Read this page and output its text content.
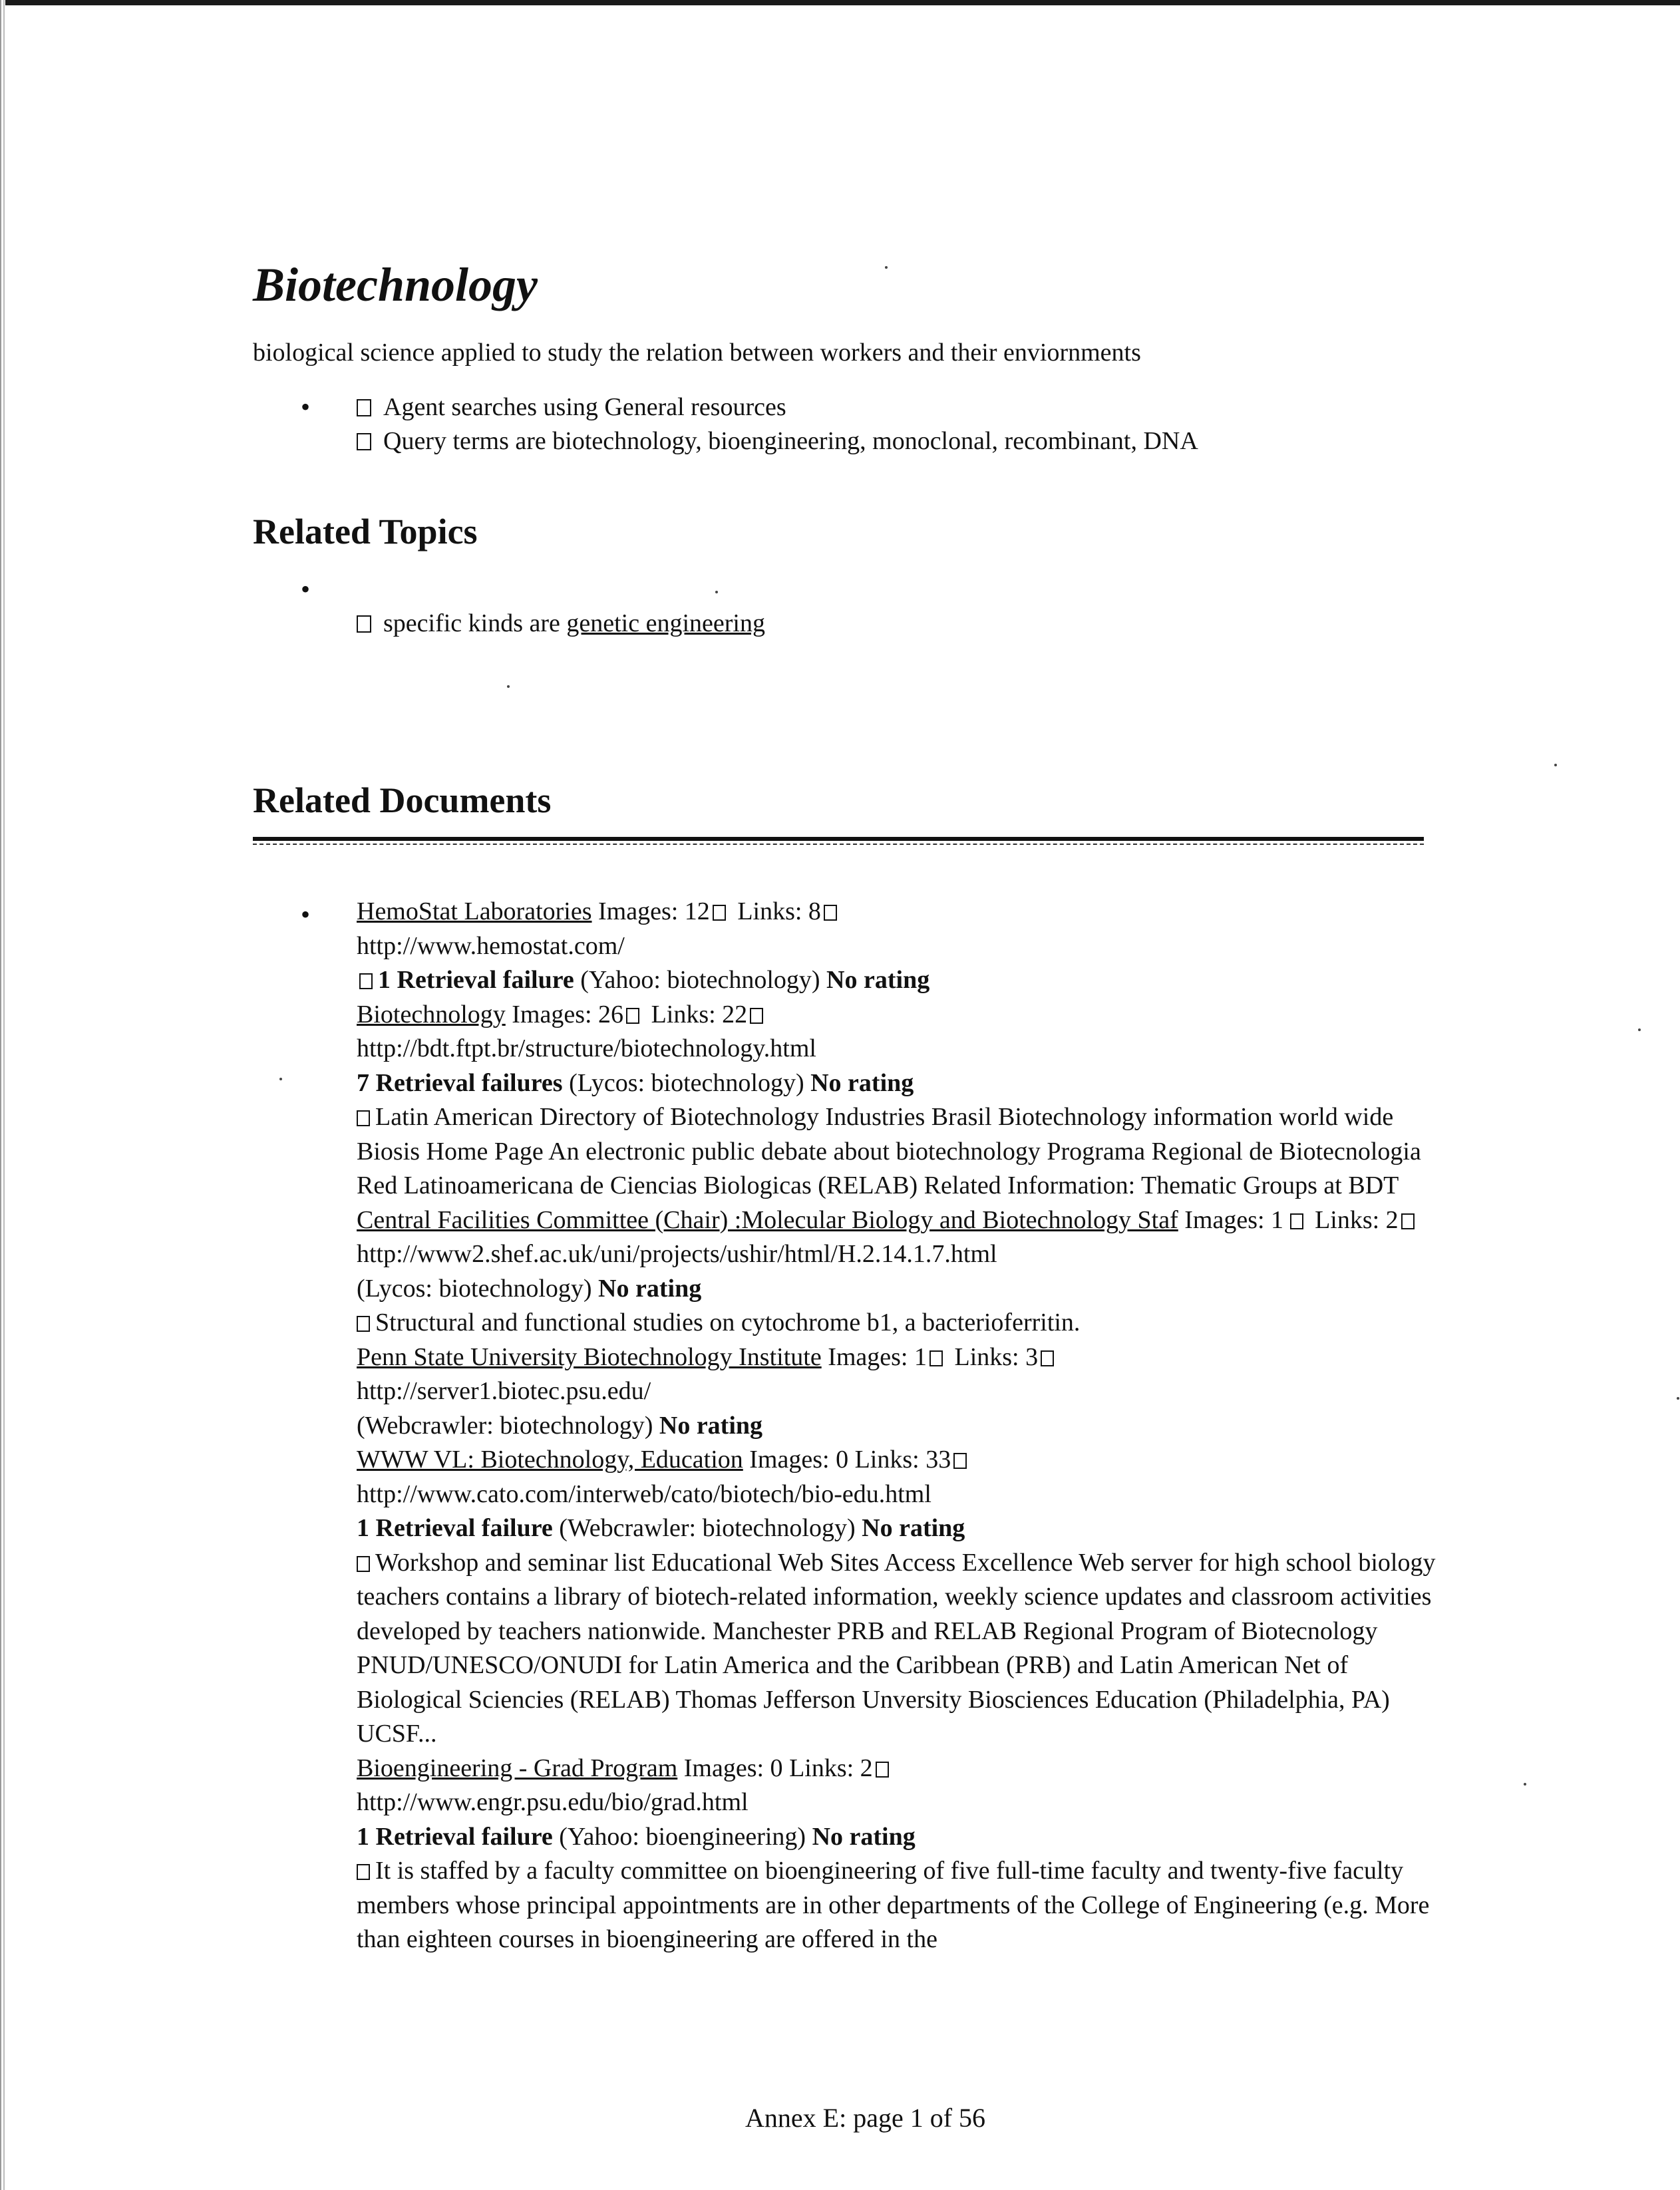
Biotechnology

biological science applied to study the relation between workers and their enviornments

•	Agent searches using General resources
Query terms are biotechnology, bioengineering, monoclonal, recombinant, DNA
Related Topics
•
specific kinds are genetic engineering
Related Documents
• HemoStat Laboratories Images: 12 Links: 8

http://www.hemostat.com/

1 Retrieval failure (Yahoo: biotechnology) No rating

Biotechnology Images: 26 Links: 22

http://bdt.ftpt.br/structure/biotechnology.html

7 Retrieval failures (Lycos: biotechnology) No rating

Latin American Directory of Biotechnology Industries Brasil Biotechnology information world wide Biosis Home Page An electronic public debate about biotechnology Programa Regional de Biotecnologia Red Latinoamericana de Ciencias Biologicas (RELAB) Related Information: Thematic Groups at BDT

Central Facilities Committee (Chair) :Molecular Biology and Biotechnology Staf Images: 1 Links: 2

http://www2.shef.ac.uk/uni/projects/ushir/html/H.2.14.1.7.html

(Lycos: biotechnology) No rating

Structural and functional studies on cytochrome b1, a bacterioferritin.

Penn State University Biotechnology Institute Images: 1 Links: 3

http://server1.biotec.psu.edu/

(Webcrawler: biotechnology) No rating

WWW VL: Biotechnology, Education Images: 0 Links: 33

http://www.cato.com/interweb/cato/biotech/bio-edu.html

1 Retrieval failure (Webcrawler: biotechnology) No rating

Workshop and seminar list Educational Web Sites Access Excellence Web server for high school biology teachers contains a library of biotech-related information, weekly science updates and classroom activities developed by teachers nationwide. Manchester PRB and RELAB Regional Program of Biotecnology PNUD/UNESCO/ONUDI for Latin America and the Caribbean (PRB) and Latin American Net of Biological Sciencies (RELAB) Thomas Jefferson Unversity Biosciences Education (Philadelphia, PA) UCSF...

Bioengineering - Grad Program Images: 0 Links: 2

http://www.engr.psu.edu/bio/grad.html

1 Retrieval failure (Yahoo: bioengineering) No rating

It is staffed by a faculty committee on bioengineering of five full-time faculty and twenty-five faculty members whose principal appointments are in other departments of the College of Engineering (e.g. More than eighteen courses in bioengineering are offered in the

Annex E: page 1 of 56
